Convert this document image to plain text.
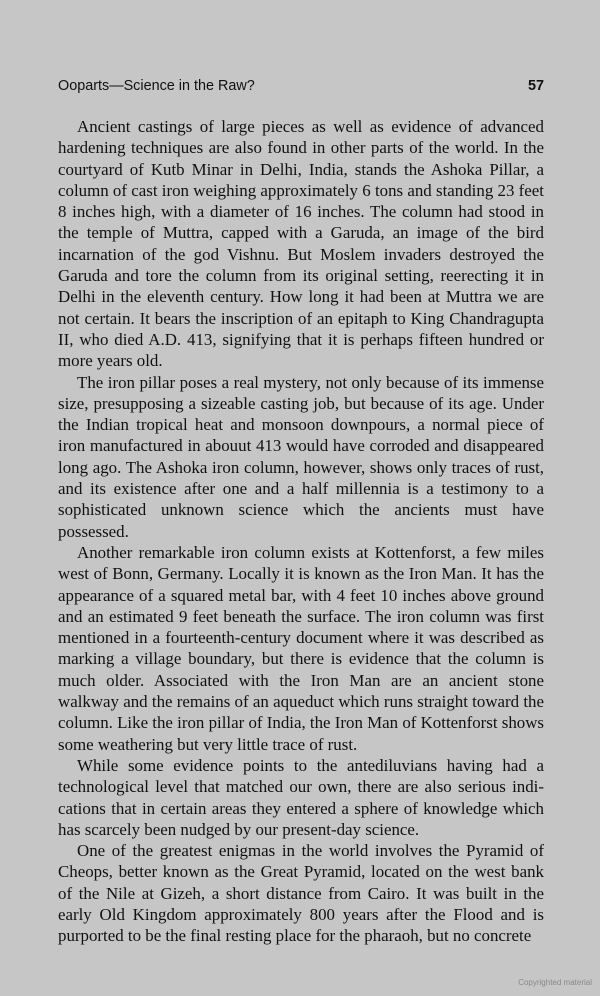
Ooparts—Science in the Raw?	57

Ancient castings of large pieces as well as evidence of advanced hardening techniques are also found in other parts of the world. In the courtyard of Kutb Minar in Delhi, India, stands the Ashoka Pillar, a column of cast iron weighing approximately 6 tons and standing 23 feet 8 inches high, with a diameter of 16 inches. The column had stood in the temple of Muttra, capped with a Garuda, an image of the bird incarnation of the god Vishnu. But Moslem invaders destroyed the Garuda and tore the column from its original setting, reerecting it in Delhi in the eleventh century. How long it had been at Muttra we are not certain. It bears the inscription of an epitaph to King Chandragupta II, who died A.D. 413, signifying that it is perhaps fifteen hundred or more years old.

The iron pillar poses a real mystery, not only because of its immense size, presupposing a sizeable casting job, but because of its age. Under the Indian tropical heat and monsoon downpours, a normal piece of iron manufactured in abouut 413 would have corroded and disappeared long ago. The Ashoka iron column, however, shows only traces of rust, and its existence after one and a half millennia is a testimony to a sophisticated unknown science which the ancients must have possessed.

Another remarkable iron column exists at Kottenforst, a few miles west of Bonn, Germany. Locally it is known as the Iron Man. It has the appearance of a squared metal bar, with 4 feet 10 inches above ground and an estimated 9 feet beneath the surface. The iron column was first mentioned in a fourteenth-century document where it was described as marking a village boundary, but there is evidence that the column is much older. Associated with the Iron Man are an ancient stone walkway and the remains of an aqueduct which runs straight toward the column. Like the iron pillar of India, the Iron Man of Kottenforst shows some weathering but very little trace of rust.

While some evidence points to the antediluvians having had a technological level that matched our own, there are also serious indications that in certain areas they entered a sphere of knowledge which has scarcely been nudged by our present-day science.

One of the greatest enigmas in the world involves the Pyramid of Cheops, better known as the Great Pyramid, located on the west bank of the Nile at Gizeh, a short distance from Cairo. It was built in the early Old Kingdom approximately 800 years after the Flood and is purported to be the final resting place for the pharaoh, but no concrete

Copyrighted material
